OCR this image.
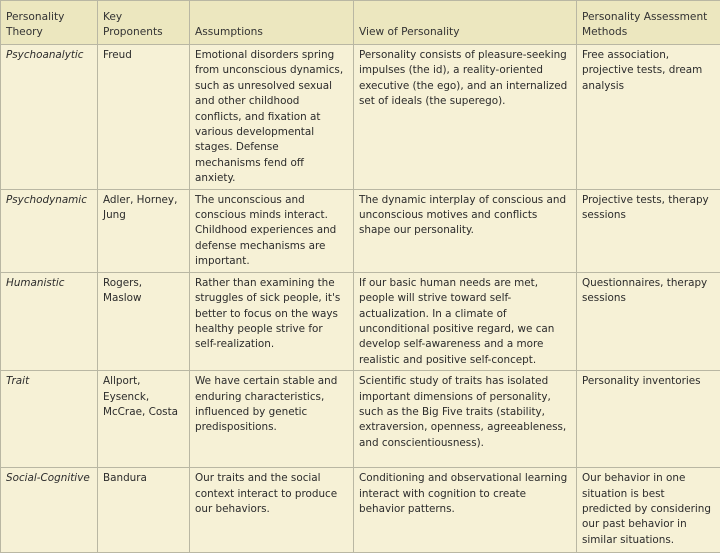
Personality Theory	Key Proponents	Assumptions	View of Personality	Personality Assessment Methods
Psychoanalytic	Freud	Emotional disorders spring from unconscious dynamics, such as unresolved sexual and other childhood conflicts, and fixation at various developmental stages. Defense mechanisms fend off anxiety.	Personality consists of pleasure-seeking impulses (the id), a reality-oriented executive (the ego), and an internalized set of ideals (the superego).	Free association, projective tests, dream analysis
Psychodynamic	Adler, Horney, Jung	The unconscious and conscious minds interact. Childhood experiences and defense mechanisms are important.	The dynamic interplay of conscious and unconscious motives and conflicts shape our personality.	Projective tests, therapy sessions
Humanistic	Rogers, Maslow	Rather than examining the struggles of sick people, it's better to focus on the ways healthy people strive for self-realization.	If our basic human needs are met, people will strive toward self-actualization. In a climate of unconditional positive regard, we can develop self-awareness and a more realistic and positive self-concept.	Questionnaires, therapy sessions
Trait	Allport, Eysenck, McCrae, Costa	We have certain stable and enduring characteristics, influenced by genetic predispositions.	Scientific study of traits has isolated important dimensions of personality, such as the Big Five traits (stability, extraversion, openness, agreeableness, and conscientiousness).	Personality inventories
Social-Cognitive	Bandura	Our traits and the social context interact to produce our behaviors.	Conditioning and observational learning interact with cognition to create behavior patterns.	Our behavior in one situation is best predicted by considering our past behavior in similar situations.
